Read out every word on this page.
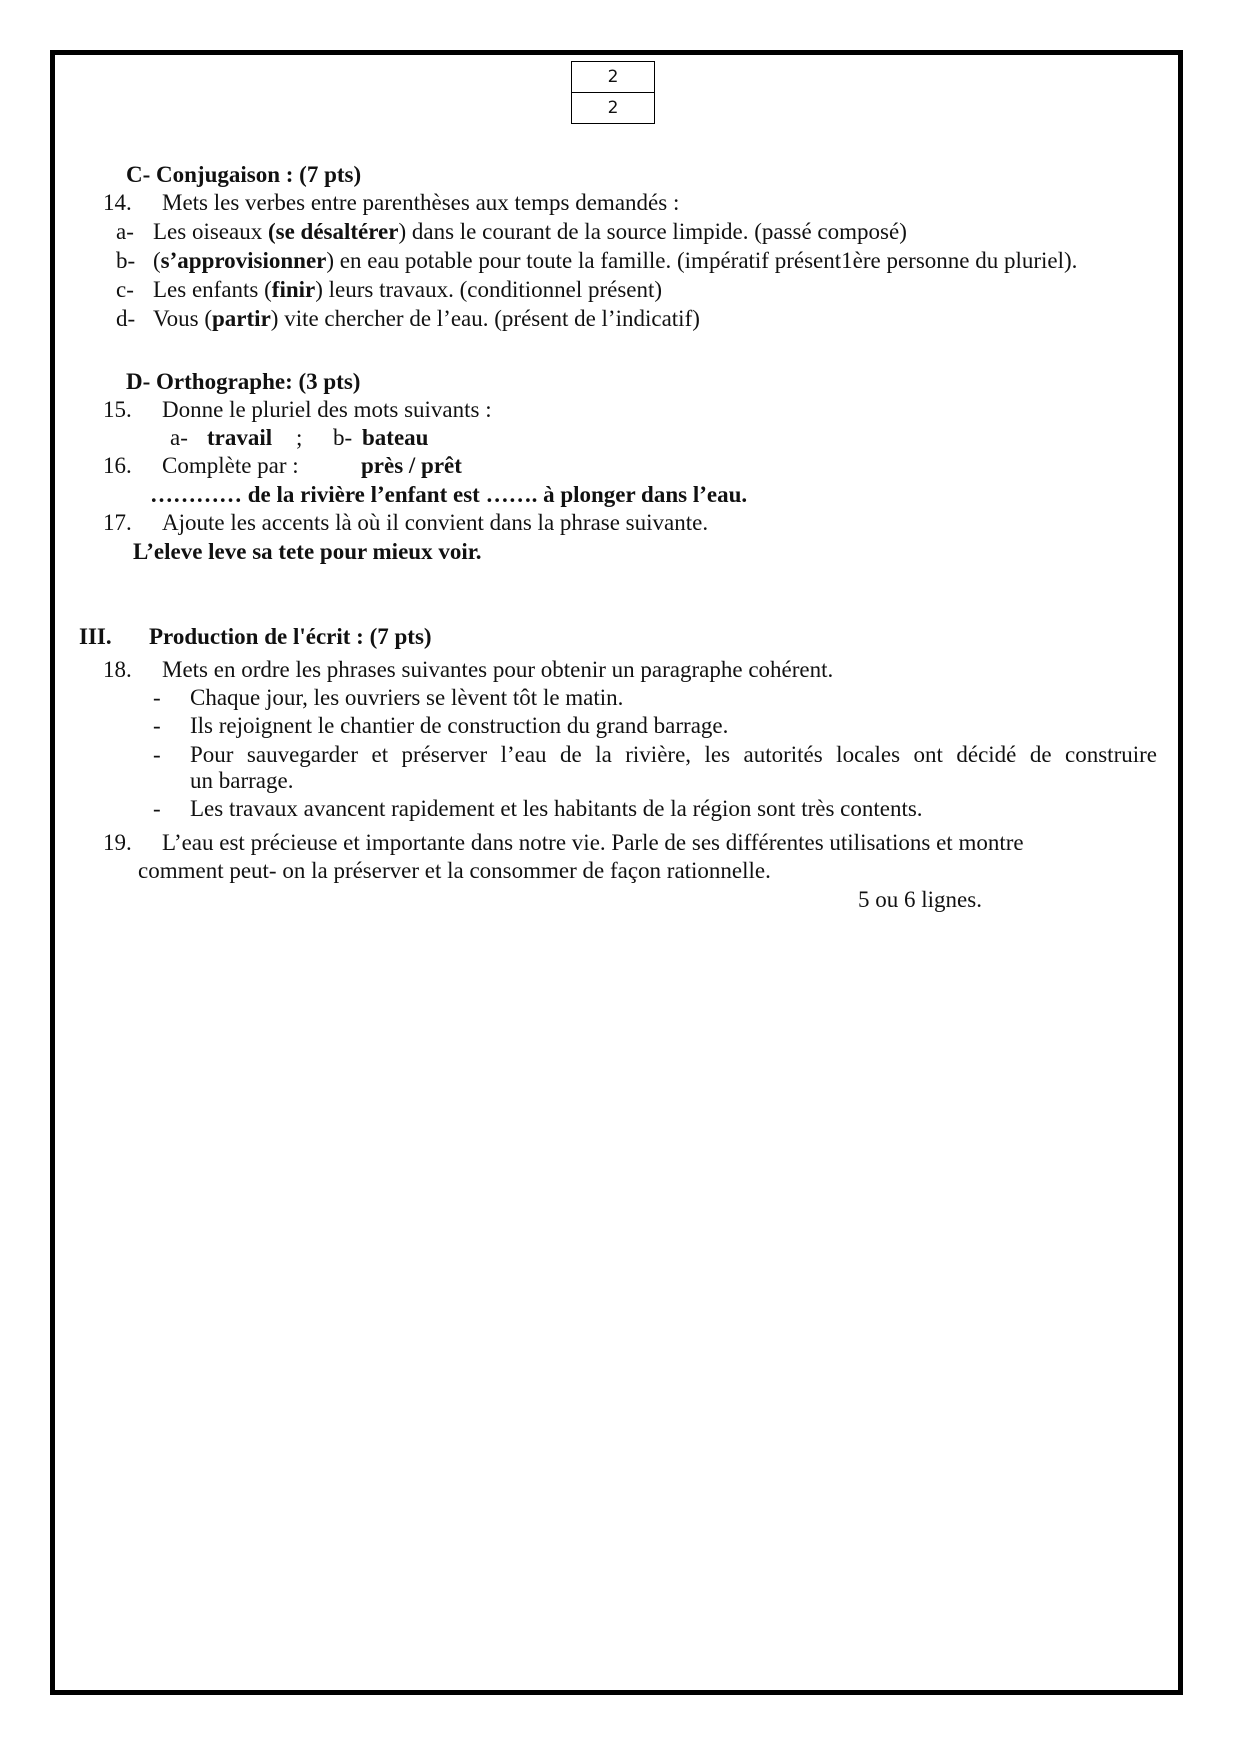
2
2
C- Conjugaison : (7 pts)
14. Mets les verbes entre parenthèses aux temps demandés :
a- Les oiseaux (se désaltérer) dans le courant de la source limpide. (passé composé)
b- (s’approvisionner) en eau potable pour toute la famille. (impératif présent1ère personne du pluriel).
c- Les enfants (finir) leurs travaux. (conditionnel présent)
d- Vous (partir) vite chercher de l’eau. (présent de l’indicatif)
D- Orthographe: (3 pts)
15. Donne le pluriel des mots suivants :
a- travail ; b- bateau
16. Complète par :	près / prêt
………… de la rivière l’enfant est ……. à plonger dans l’eau.
17. Ajoute les accents là où il convient dans la phrase suivante.
L’eleve leve sa tete pour mieux voir.
III. Production de l'écrit : (7 pts)
18. Mets en ordre les phrases suivantes pour obtenir un paragraphe cohérent.
- Chaque jour, les ouvriers se lèvent tôt le matin.
- Ils rejoignent le chantier de construction du grand barrage.
- Pour sauvegarder et préserver l’eau de la rivière, les autorités locales ont décidé de construire
un barrage.
- Les travaux avancent rapidement et les habitants de la région sont très contents.
19. L’eau est précieuse et importante dans notre vie. Parle de ses différentes utilisations et montre
comment peut- on la préserver et la consommer de façon rationnelle.
5 ou 6 lignes.
